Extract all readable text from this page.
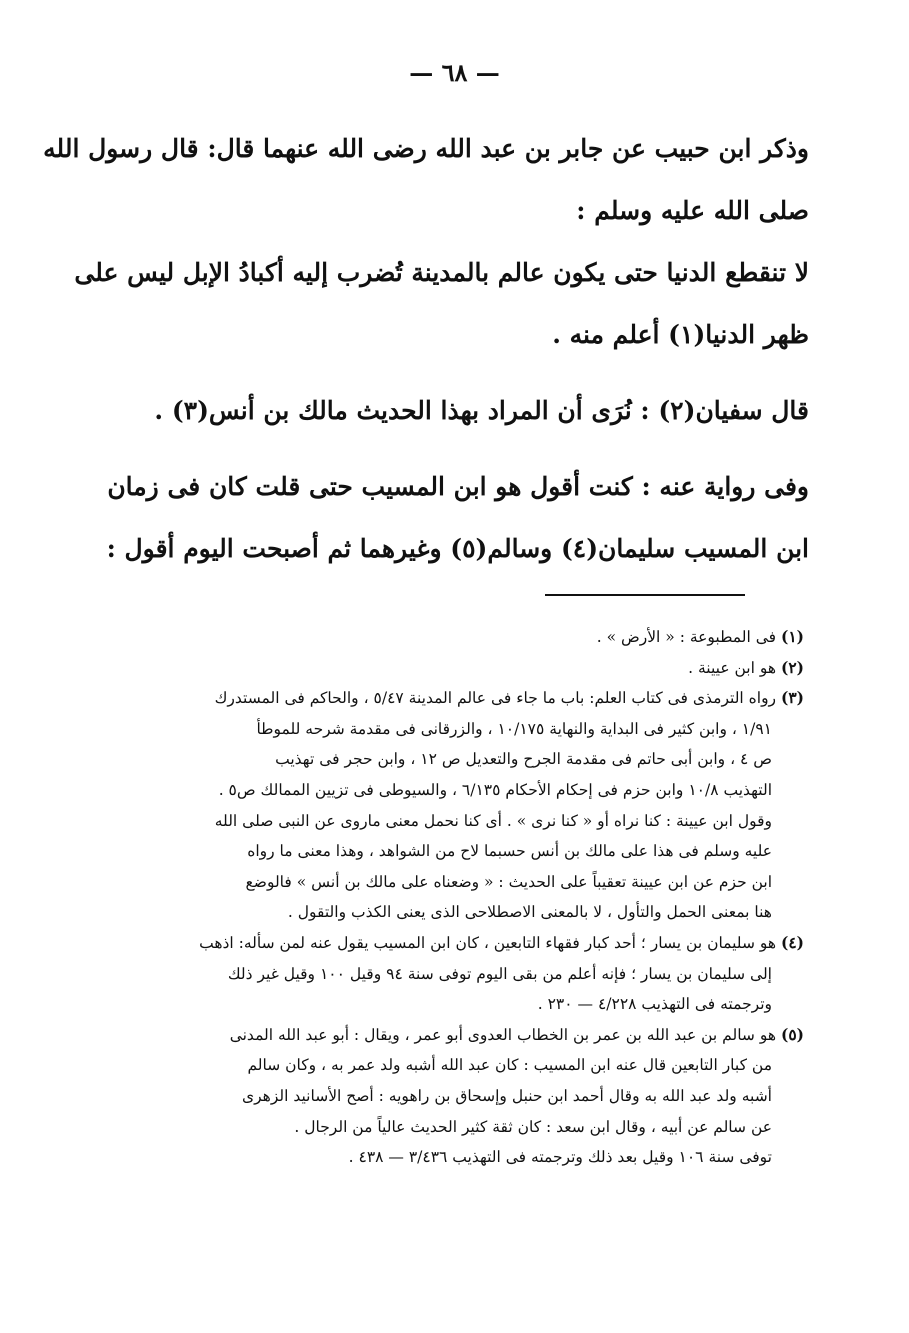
— ٦٨ —

وذكر ابن حبيب عن جابر بن عبد الله رضى الله عنهما قال: قال رسول الله

صلى الله عليه وسلم :

لا تنقطع الدنيا حتى يكون عالم بالمدينة تُضرب إليه أكبادُ الإبل ليس على

ظهر الدنيا(١) أعلم منه .

قال سفيان(٢) : نُرَى أن المراد بهذا الحديث مالك بن أنس(٣) .

وفى رواية عنه : كنت أقول هو ابن المسيب حتى قلت كان فى زمان

ابن المسيب سليمان(٤) وسالم(٥) وغيرهما ثم أصبحت اليوم أقول :

(١) فى المطبوعة : « الأرض » .
(٢) هو ابن عيينة .
(٣) رواه الترمذى فى كتاب العلم: باب ما جاء فى عالم المدينة ٥/٤٧ ، والحاكم فى المستدرك
١/٩١ ، وابن كثير فى البداية والنهاية ١٠/١٧٥ ، والزرقانى فى مقدمة شرحه للموطأ
ص ٤ ، وابن أبى حاتم فى مقدمة الجرح والتعديل ص ١٢ ، وابن حجر فى تهذيب
التهذيب ١٠/٨ وابن حزم فى إحكام الأحكام ٦/١٣٥ ، والسيوطى فى تزيين الممالك ص٥ .
وقول ابن عيينة : كنا نراه أو « كنا نرى » . أى كنا نحمل معنى ماروى عن النبى صلى الله
عليه وسلم فى هذا على مالك بن أنس حسبما لاح من الشواهد ، وهذا معنى ما رواه
ابن حزم عن ابن عيينة تعقيباً على الحديث : « وضعناه على مالك بن أنس » فالوضع
هنا بمعنى الحمل والتأول ، لا بالمعنى الاصطلاحى الذى يعنى الكذب والتقول .
(٤) هو سليمان بن يسار ؛ أحد كبار فقهاء التابعين ، كان ابن المسيب يقول عنه لمن سأله: اذهب
إلى سليمان بن يسار ؛ فإنه أعلم من بقى اليوم توفى سنة ٩٤ وقيل ١٠٠ وقيل غير ذلك
وترجمته فى التهذيب ٤/٢٢٨ — ٢٣٠ .
(٥) هو سالم بن عبد الله بن عمر بن الخطاب العدوى أبو عمر ، ويقال : أبو عبد الله المدنى
من كبار التابعين قال عنه ابن المسيب : كان عبد الله أشبه ولد عمر به ، وكان سالم
أشبه ولد عبد الله به وقال أحمد ابن حنبل وإسحاق بن راهويه : أصح الأسانيد الزهرى
عن سالم عن أبيه ، وقال ابن سعد : كان ثقة كثير الحديث عالياً من الرجال .
توفى سنة ١٠٦ وقيل بعد ذلك وترجمته فى التهذيب ٣/٤٣٦ — ٤٣٨ .
